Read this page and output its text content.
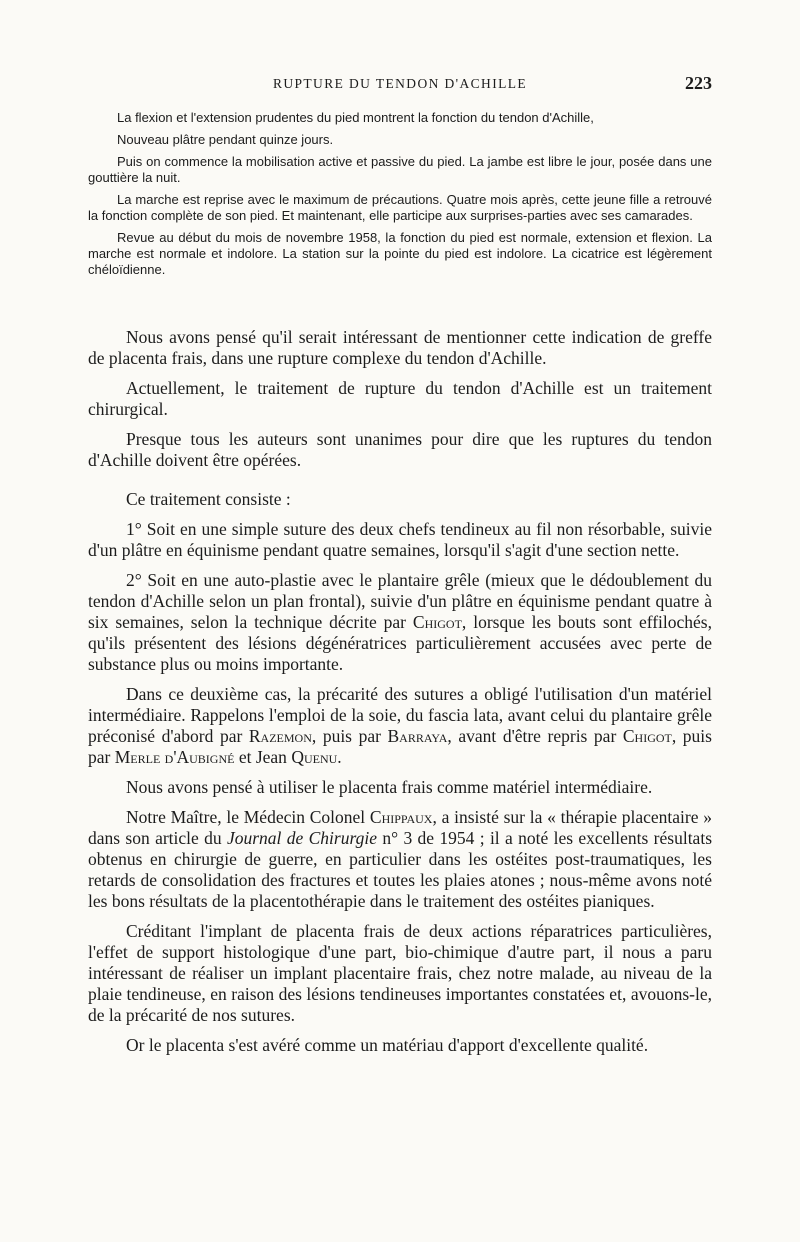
RUPTURE DU TENDON D'ACHILLE	223

La flexion et l'extension prudentes du pied montrent la fonction du tendon d'Achille,

Nouveau plâtre pendant quinze jours.

Puis on commence la mobilisation active et passive du pied. La jambe est libre le jour, posée dans une gouttière la nuit.

La marche est reprise avec le maximum de précautions. Quatre mois après, cette jeune fille a retrouvé la fonction complète de son pied. Et maintenant, elle participe aux surprises-parties avec ses camarades.

Revue au début du mois de novembre 1958, la fonction du pied est normale, extension et flexion. La marche est normale et indolore. La station sur la pointe du pied est indolore. La cicatrice est légèrement chéloïdienne.

Nous avons pensé qu'il serait intéressant de mentionner cette indication de greffe de placenta frais, dans une rupture complexe du tendon d'Achille.

Actuellement, le traitement de rupture du tendon d'Achille est un traitement chirurgical.

Presque tous les auteurs sont unanimes pour dire que les ruptures du tendon d'Achille doivent être opérées.

Ce traitement consiste :

1° Soit en une simple suture des deux chefs tendineux au fil non résorbable, suivie d'un plâtre en équinisme pendant quatre semaines, lorsqu'il s'agit d'une section nette.

2° Soit en une auto-plastie avec le plantaire grêle (mieux que le dédoublement du tendon d'Achille selon un plan frontal), suivie d'un plâtre en équinisme pendant quatre à six semaines, selon la technique décrite par Chigot, lorsque les bouts sont effilochés, qu'ils présentent des lésions dégénératrices particulièrement accusées avec perte de substance plus ou moins importante.

Dans ce deuxième cas, la précarité des sutures a obligé l'utilisation d'un matériel intermédiaire. Rappelons l'emploi de la soie, du fascia lata, avant celui du plantaire grêle préconisé d'abord par Razemon, puis par Barraya, avant d'être repris par Chigot, puis par Merle d'Aubigné et Jean Quenu.

Nous avons pensé à utiliser le placenta frais comme matériel intermédiaire.

Notre Maître, le Médecin Colonel Chippaux, a insisté sur la « thérapie placentaire » dans son article du Journal de Chirurgie n° 3 de 1954 ; il a noté les excellents résultats obtenus en chirurgie de guerre, en particulier dans les ostéites post-traumatiques, les retards de consolidation des fractures et toutes les plaies atones ; nous-même avons noté les bons résultats de la placentothérapie dans le traitement des ostéites pianiques.

Créditant l'implant de placenta frais de deux actions réparatrices particulières, l'effet de support histologique d'une part, bio-chimique d'autre part, il nous a paru intéressant de réaliser un implant placentaire frais, chez notre malade, au niveau de la plaie tendineuse, en raison des lésions tendineuses importantes constatées et, avouons-le, de la précarité de nos sutures.

Or le placenta s'est avéré comme un matériau d'apport d'excellente qualité.
